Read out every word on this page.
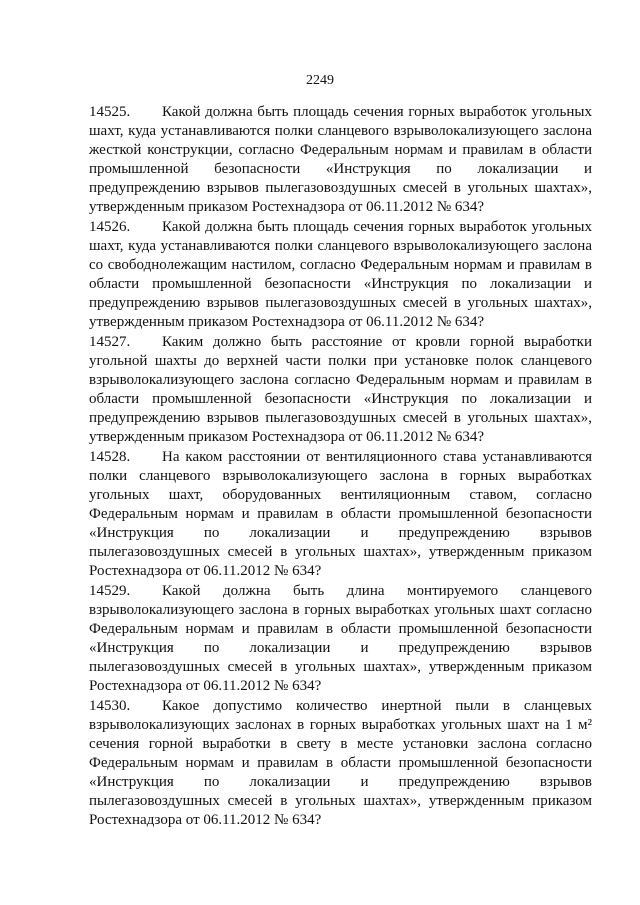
2249

14525. Какой должна быть площадь сечения горных выработок угольных шахт, куда устанавливаются полки сланцевого взрыволокализующего заслона жесткой конструкции, согласно Федеральным нормам и правилам в области промышленной безопасности «Инструкция по локализации и предупреждению взрывов пылегазовоздушных смесей в угольных шахтах», утвержденным приказом Ростехнадзора от 06.11.2012 № 634?

14526. Какой должна быть площадь сечения горных выработок угольных шахт, куда устанавливаются полки сланцевого взрыволокализующего заслона со свободнолежащим настилом, согласно Федеральным нормам и правилам в области промышленной безопасности «Инструкция по локализации и предупреждению взрывов пылегазовоздушных смесей в угольных шахтах», утвержденным приказом Ростехнадзора от 06.11.2012 № 634?

14527. Каким должно быть расстояние от кровли горной выработки угольной шахты до верхней части полки при установке полок сланцевого взрыволокализующего заслона согласно Федеральным нормам и правилам в области промышленной безопасности «Инструкция по локализации и предупреждению взрывов пылегазовоздушных смесей в угольных шахтах», утвержденным приказом Ростехнадзора от 06.11.2012 № 634?

14528. На каком расстоянии от вентиляционного става устанавливаются полки сланцевого взрыволокализующего заслона в горных выработках угольных шахт, оборудованных вентиляционным ставом, согласно Федеральным нормам и правилам в области промышленной безопасности «Инструкция по локализации и предупреждению взрывов пылегазовоздушных смесей в угольных шахтах», утвержденным приказом Ростехнадзора от 06.11.2012 № 634?

14529. Какой должна быть длина монтируемого сланцевого взрыволокализующего заслона в горных выработках угольных шахт согласно Федеральным нормам и правилам в области промышленной безопасности «Инструкция по локализации и предупреждению взрывов пылегазовоздушных смесей в угольных шахтах», утвержденным приказом Ростехнадзора от 06.11.2012 № 634?

14530. Какое допустимо количество инертной пыли в сланцевых взрыволокализующих заслонах в горных выработках угольных шахт на 1 м² сечения горной выработки в свету в месте установки заслона согласно Федеральным нормам и правилам в области промышленной безопасности «Инструкция по локализации и предупреждению взрывов пылегазовоздушных смесей в угольных шахтах», утвержденным приказом Ростехнадзора от 06.11.2012 № 634?
